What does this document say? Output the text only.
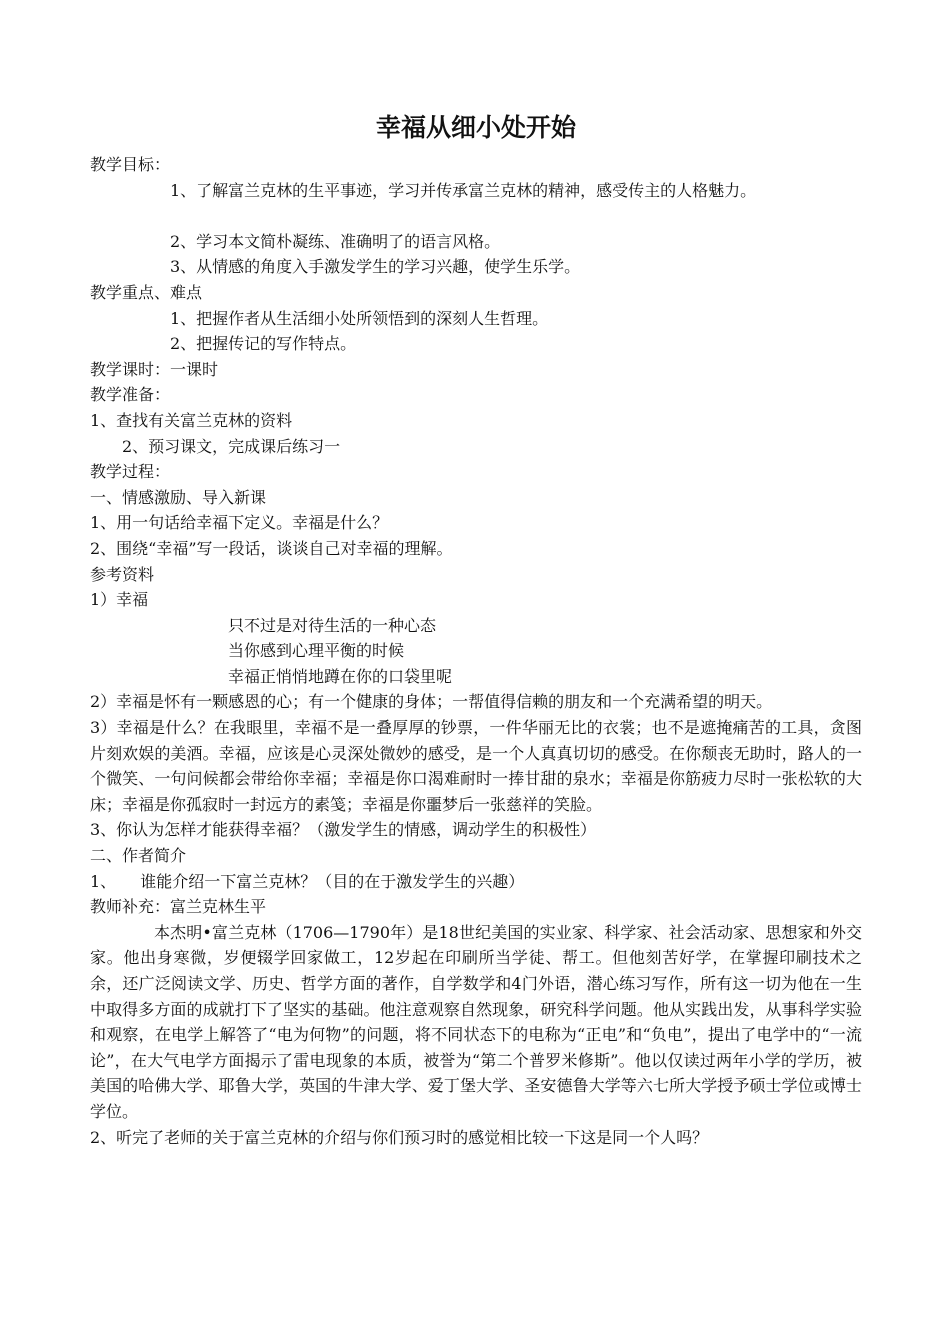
幸福从细小处开始

教学目标：

1、了解富兰克林的生平事迹，学习并传承富兰克林的精神，感受传主的人格魅力。

2、学习本文简朴凝练、准确明了的语言风格。

3、从情感的角度入手激发学生的学习兴趣，使学生乐学。

教学重点、难点

1、把握作者从生活细小处所领悟到的深刻人生哲理。

2、把握传记的写作特点。

教学课时：一课时

教学准备：

1、查找有关富兰克林的资料

2、预习课文，完成课后练习一

教学过程：

一、情感激励、导入新课

1、用一句话给幸福下定义。幸福是什么？

2、围绕“幸福”写一段话，谈谈自己对幸福的理解。

参考资料

1）幸福

只不过是对待生活的一种心态

当你感到心理平衡的时候

幸福正悄悄地蹲在你的口袋里呢

2）幸福是怀有一颗感恩的心；有一个健康的身体；一帮值得信赖的朋友和一个充满希望的明天。

3）幸福是什么？在我眼里，幸福不是一叠厚厚的钞票，一件华丽无比的衣裳；也不是遮掩痛苦的工具，贪图片刻欢娱的美酒。幸福，应该是心灵深处微妙的感受，是一个人真真切切的感受。在你颓丧无助时，路人的一个微笑、一句问候都会带给你幸福；幸福是你口渴难耐时一捧甘甜的泉水；幸福是你筋疲力尽时一张松软的大床；幸福是你孤寂时一封远方的素笺；幸福是你噩梦后一张慈祥的笑脸。

3、你认为怎样才能获得幸福？（激发学生的情感，调动学生的积极性）

二、作者简介

1、 谁能介绍一下富兰克林？（目的在于激发学生的兴趣）

教师补充：富兰克林生平

本杰明•富兰克林（1706—1790年）是18世纪美国的实业家、科学家、社会活动家、思想家和外交家。他出身寒微，岁便辍学回家做工，12岁起在印刷所当学徒、帮工。但他刻苦好学，在掌握印刷技术之余，还广泛阅读文学、历史、哲学方面的著作，自学数学和4门外语，潜心练习写作，所有这一切为他在一生中取得多方面的成就打下了坚实的基础。他注意观察自然现象，研究科学问题。他从实践出发，从事科学实验和观察，在电学上解答了“电为何物”的问题，将不同状态下的电称为“正电”和“负电”，提出了电学中的“一流论”，在大气电学方面揭示了雷电现象的本质，被誉为“第二个普罗米修斯”。他以仅读过两年小学的学历，被美国的哈佛大学、耶鲁大学，英国的牛津大学、爱丁堡大学、圣安德鲁大学等六七所大学授予硕士学位或博士学位。

2、听完了老师的关于富兰克林的介绍与你们预习时的感觉相比较一下这是同一个人吗？
